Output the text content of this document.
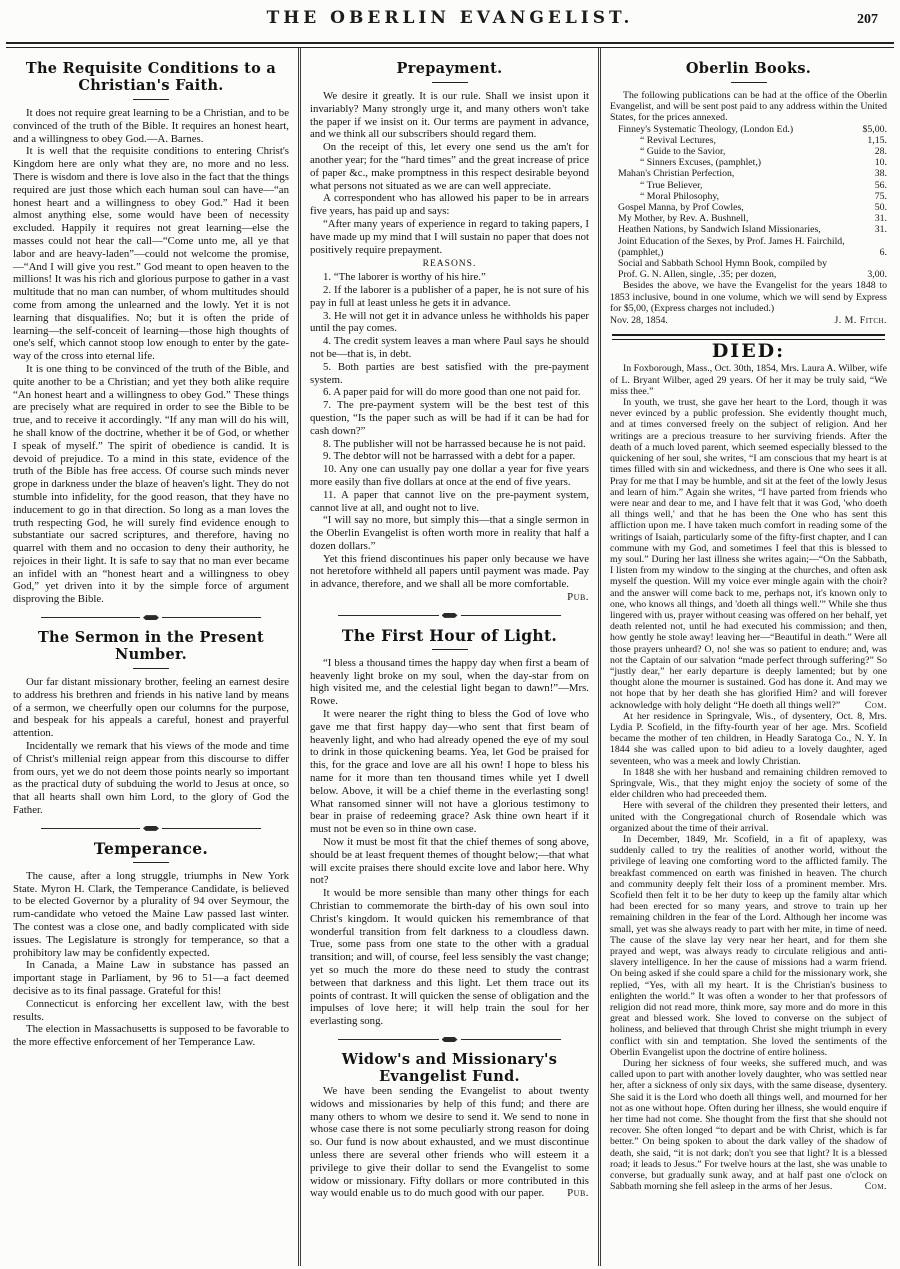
THE OBERLIN EVANGELIST.	207
The Requisite Conditions to a Christian's Faith.

It does not require great learning to be a Christian, and to be convinced of the truth of the Bible. It requires an honest heart, and a willingness to obey God.—A. Barnes.

It is well that the requisite conditions to entering Christ's Kingdom here are only what they are, no more and no less. There is wisdom and there is love also in the fact that the things required are just those which each human soul can have—“an honest heart and a willingness to obey God.” Had it been almost anything else, some would have been of necessity excluded. Happily it requires not great learning—else the masses could not hear the call—“Come unto me, all ye that labor and are heavy-laden”—could not welcome the promise,—“And I will give you rest.” God meant to open heaven to the millions! It was his rich and glorious purpose to gather in a vast multitude that no man can number, of whom multitudes should come from among the unlearned and the lowly. Yet it is not learning that disqualifies. No; but it is often the pride of learning—the self-conceit of learning—those high thoughts of one's self, which cannot stoop low enough to enter by the gate-way of the cross into eternal life.

It is one thing to be convinced of the truth of the Bible, and quite another to be a Christian; and yet they both alike require “An honest heart and a willingness to obey God.” These things are precisely what are required in order to see the Bible to be true, and to receive it accordingly. “If any man will do his will, he shall know of the doctrine, whether it be of God, or whether I speak of myself.” The spirit of obedience is candid. It is devoid of prejudice. To a mind in this state, evidence of the truth of the Bible has free access. Of course such minds never grope in darkness under the blaze of heaven's light. They do not stumble into infidelity, for the good reason, that they have no inducement to go in that direction. So long as a man loves the truth respecting God, he will surely find evidence enough to substantiate our sacred scriptures, and therefore, having no quarrel with them and no occasion to deny their authority, he rejoices in their light. It is safe to say that no man ever became an infidel with an “honest heart and a willingness to obey God,” yet driven into it by the simple force of argument disproving the Bible.

The Sermon in the Present Number.

Our far distant missionary brother, feeling an earnest desire to address his brethren and friends in his native land by means of a sermon, we cheerfully open our columns for the purpose, and bespeak for his appeals a careful, honest and prayerful attention.

Incidentally we remark that his views of the mode and time of Christ's millenial reign appear from this discourse to differ from ours, yet we do not deem those points nearly so important as the practical duty of subduing the world to Jesus at once, so that all hearts shall own him Lord, to the glory of God the Father.

Temperance.

The cause, after a long struggle, triumphs in New York State. Myron H. Clark, the Temperance Candidate, is believed to be elected Governor by a plurality of 94 over Seymour, the rum-candidate who vetoed the Maine Law passed last winter. The contest was a close one, and badly complicated with side issues. The Legislature is strongly for temperance, so that a prohibitory law may be confidently expected.

In Canada, a Maine Law in substance has passed an important stage in Parliament, by 96 to 51—a fact deemed decisive as to its final passage. Grateful for this!

Connecticut is enforcing her excellent law, with the best results.

The election in Massachusetts is supposed to be favorable to the more effective enforcement of her Temperance Law.

Prepayment.

We desire it greatly. It is our rule. Shall we insist upon it invariably? Many strongly urge it, and many others won't take the paper if we insist on it. Our terms are payment in advance, and we think all our subscribers should regard them.

On the receipt of this, let every one send us the am't for another year; for the “hard times” and the great increase of price of paper &c., make promptness in this respect desirable beyond what persons not situated as we are can well appreciate.

A correspondent who has allowed his paper to be in arrears five years, has paid up and says:

“After many years of experience in regard to taking papers, I have made up my mind that I will sustain no paper that does not positively require prepayment.

REASONS.

1. “The laborer is worthy of his hire.”
2. If the laborer is a publisher of a paper, he is not sure of his pay in full at least unless he gets it in advance.
3. He will not get it in advance unless he withholds his paper until the pay comes.
4. The credit system leaves a man where Paul says he should not be—that is, in debt.
5. Both parties are best satisfied with the pre-payment system.
6. A paper paid for will do more good than one not paid for.
7. The pre-payment system will be the best test of this question, “Is the paper such as will be had if it can be had for cash down?”
8. The publisher will not be harrassed because he is not paid.
9. The debtor will not be harrassed with a debt for a paper.
10. Any one can usually pay one dollar a year for five years more easily than five dollars at once at the end of five years.
11. A paper that cannot live on the pre-payment system, cannot live at all, and ought not to live.

“I will say no more, but simply this—that a single sermon in the Oberlin Evangelist is often worth more in reality that half a dozen dollars.”

Yet this friend discontinues his paper only because we have not heretofore withheld all papers until payment was made. Pay in advance, therefore, and we shall all be more comfortable.
Pub.

The First Hour of Light.

“I bless a thousand times the happy day when first a beam of heavenly light broke on my soul, when the day-star from on high visited me, and the celestial light began to dawn!”—Mrs. Rowe.

It were nearer the right thing to bless the God of love who gave me that first happy day—who sent that first beam of heavenly light, and who had already opened the eye of my soul to drink in those quickening beams. Yea, let God be praised for this, for the grace and love are all his own! I hope to bless his name for it more than ten thousand times while yet I dwell below. Above, it will be a chief theme in the everlasting song! What ransomed sinner will not have a glorious testimony to bear in praise of redeeming grace? Ask thine own heart if it must not be even so in thine own case.

Now it must be most fit that the chief themes of song above, should be at least frequent themes of thought below;—that what will excite praises there should excite love and labor here. Why not?

It would be more sensible than many other things for each Christian to commemorate the birth-day of his own soul into Christ's kingdom. It would quicken his remembrance of that wonderful transition from felt darkness to a cloudless dawn. True, some pass from one state to the other with a gradual transition; and will, of course, feel less sensibly the vast change; yet so much the more do these need to study the contrast between that darkness and this light. Let them trace out its points of contrast. It will quicken the sense of obligation and the impulses of love here; it will help train the soul for her everlasting song.

Widow's and Missionary's Evangelist Fund.

We have been sending the Evangelist to about twenty widows and missionaries by help of this fund; and there are many others to whom we desire to send it. We send to none in whose case there is not some peculiarly strong reason for doing so. Our fund is now about exhausted, and we must discontinue unless there are several other friends who will esteem it a privilege to give their dollar to send the Evangelist to some widow or missionary. Fifty dollars or more contributed in this way would enable us to do much good with our paper.	Pub.

Oberlin Books.

The following publications can be had at the office of the Oberlin Evangelist, and will be sent post paid to any address within the United States, for the prices annexed.

Finney's Systematic Theology, (London Ed.)	$5,00.
“ Revival Lectures,	1,15.
“ Guide to the Savior,	28.
“ Sinners Excuses, (pamphlet,)	10.
Mahan's Christian Perfection,	38.
“ True Believer,	56.
“ Moral Philosophy,	75.
Gospel Manna, by Prof Cowles,	50.
My Mother, by Rev. A. Bushnell,	31.
Heathen Nations, by Sandwich Island Missionaries,	31.
Joint Education of the Sexes, by Prof. James H. Fairchild, (pamphlet,)	6.
Social and Sabbath School Hymn Book, compiled by Prof. G. N. Allen, single, .35; per dozen,	3,00.

Besides the above, we have the Evangelist for the years 1848 to 1853 inclusive, bound in one volume, which we will send by Express for $5,00, (Express charges not included.)

Nov. 28, 1854.	J. M. Fitch.
DIED:

In Foxborough, Mass., Oct. 30th, 1854, Mrs. Laura A. Wilber, wife of L. Bryant Wilber, aged 29 years. Of her it may be truly said, “We miss thee.”

In youth, we trust, she gave her heart to the Lord, though it was never evinced by a public profession. She evidently thought much, and at times conversed freely on the subject of religion. And her writings are a precious treasure to her surviving friends. After the death of a much loved parent, which seemed especially blessed to the quickening of her soul, she writes, “I am conscious that my heart is at times filled with sin and wickedness, and there is One who sees it all. Pray for me that I may be humble, and sit at the feet of the lowly Jesus and learn of him.” Again she writes, “I have parted from friends who were near and dear to me, and I have felt that it was God, 'who doeth all things well,' and that he has been the One who has sent this affliction upon me. I have taken much comfort in reading some of the writings of Isaiah, particularly some of the fifty-first chapter, and I can commune with my God, and sometimes I feel that this is blessed to my soul.” During her last illness she writes again;—“On the Sabbath, I listen from my window to the singing at the churches, and often ask myself the question. Will my voice ever mingle again with the choir? and the answer will come back to me, perhaps not, it's known only to one, who knows all things, and 'doeth all things well.'” While she thus lingered with us, prayer without ceasing was offered on her behalf, yet death relented not, until he had executed his commission; and then, how gently he stole away! leaving her—“Beautiful in death.” Were all those prayers unheard? O, no! she was so patient to endure; and, was not the Captain of our salvation “made perfect through suffering?” So “justly dear,” her early departure is deeply lamented; but by one thought alone the mourner is sustained. God has done it. And may we not hope that by her death she has glorified Him? and will forever acknowledge with holy delight “He doeth all things well?”	Com.

At her residence in Springvale, Wis., of dysentery, Oct. 8, Mrs. Lydia P. Scofield, in the fifty-fourth year of her age. Mrs. Scofield became the mother of ten children, in Headly Saratoga Co., N. Y. In 1844 she was called upon to bid adieu to a lovely daughter, aged seventeen, who was a meek and lowly Christian.

In 1848 she with her husband and remaining children removed to Springvale, Wis., that they might enjoy the society of some of the elder children who had preceeded them.

Here with several of the children they presented their letters, and united with the Congregational church of Rosendale which was organized about the time of their arrival.

In December, 1849, Mr. Scofield, in a fit of apaplexy, was suddenly called to try the realities of another world, without the privilege of leaving one comforting word to the afflicted family. The breakfast commenced on earth was finished in heaven. The church and community deeply felt their loss of a prominent member. Mrs. Scofield then felt it to be her duty to keep up the family altar which had been erected for so many years, and strove to train up her remaining children in the fear of the Lord. Although her income was small, yet was she always ready to part with her mite, in time of need. The cause of the slave lay very near her heart, and for them she prayed and wept, was always ready to circulate religious and anti-slavery intelligence. In her the cause of missions had a warm friend. On being asked if she could spare a child for the missionary work, she replied, “Yes, with all my heart. It is the Christian's business to enlighten the world.” It was often a wonder to her that professors of religion did not read more, think more, say more and do more in this great and blessed work. She loved to converse on the subject of holiness, and believed that through Christ she might triumph in every conflict with sin and temptation. She loved the sentiments of the Oberlin Evangelist upon the doctrine of entire holiness.

During her sickness of four weeks, she suffered much, and was called upon to part with another lovely daughter, who was settled near her, after a sickness of only six days, with the same disease, dysentery. She said it is the Lord who doeth all things well, and mourned for her not as one without hope. Often during her illness, she would enquire if her time had not come. She thought from the first that she should not recover. She often longed “to depart and be with Christ, which is far better.” On being spoken to about the dark valley of the shadow of death, she said, “it is not dark; don't you see that light? It is a blessed road; it leads to Jesus.” For twelve hours at the last, she was unable to converse, but gradually sunk away, and at half past one o'clock on Sabbath morning she fell asleep in the arms of her Jesus.	Com.
